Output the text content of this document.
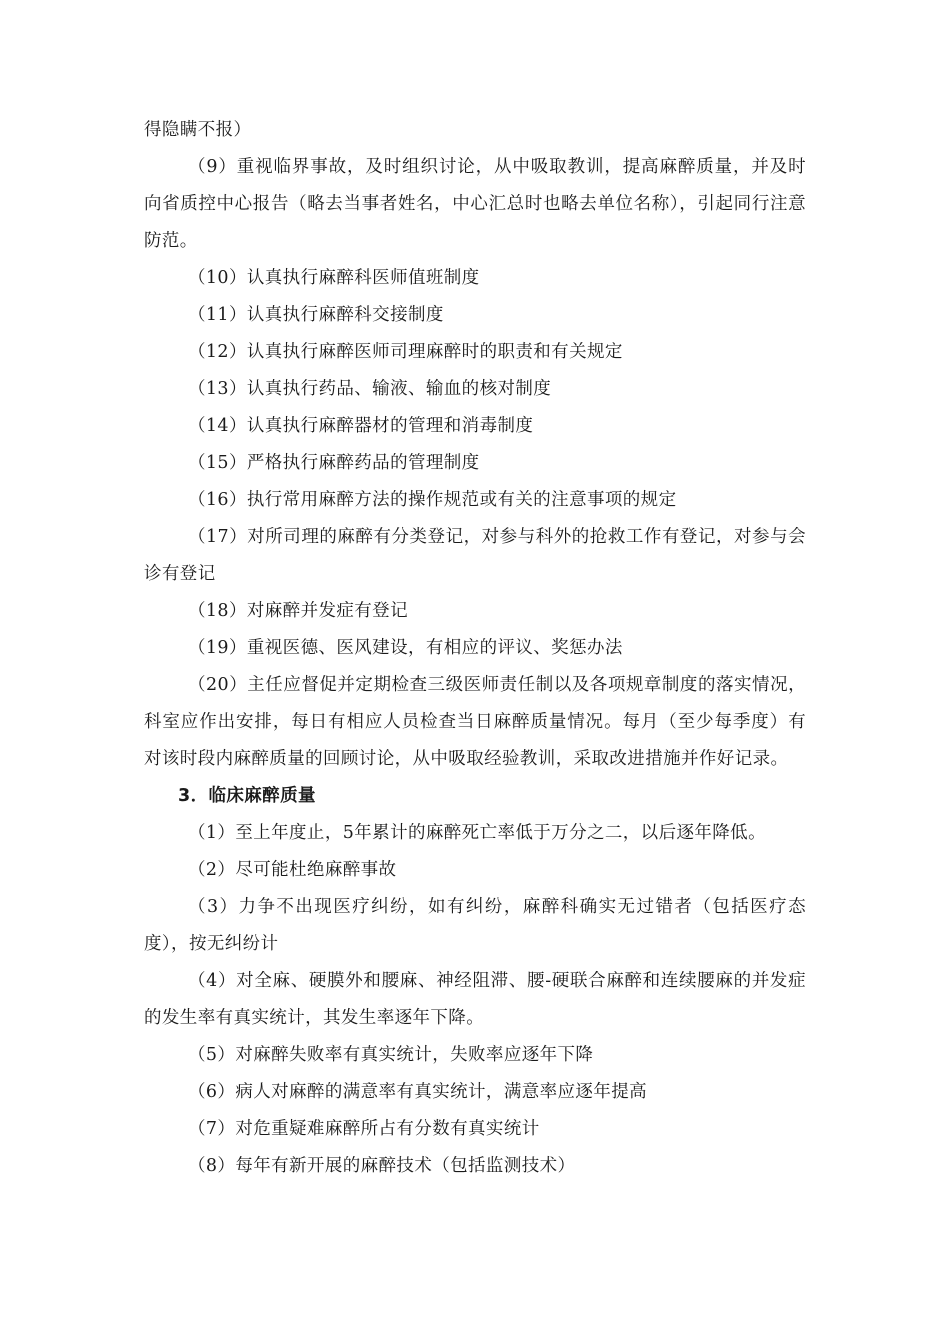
得隐瞒不报）

（9）重视临界事故，及时组织讨论，从中吸取教训，提高麻醉质量，并及时向省质控中心报告（略去当事者姓名，中心汇总时也略去单位名称），引起同行注意防范。

（10）认真执行麻醉科医师值班制度

（11）认真执行麻醉科交接制度

（12）认真执行麻醉医师司理麻醉时的职责和有关规定

（13）认真执行药品、输液、输血的核对制度

（14）认真执行麻醉器材的管理和消毒制度

（15）严格执行麻醉药品的管理制度

（16）执行常用麻醉方法的操作规范或有关的注意事项的规定

（17）对所司理的麻醉有分类登记，对参与科外的抢救工作有登记，对参与会诊有登记

（18）对麻醉并发症有登记

（19）重视医德、医风建设，有相应的评议、奖惩办法

（20）主任应督促并定期检查三级医师责任制以及各项规章制度的落实情况，科室应作出安排，每日有相应人员检查当日麻醉质量情况。每月（至少每季度）有对该时段内麻醉质量的回顾讨论，从中吸取经验教训，采取改进措施并作好记录。

3．临床麻醉质量

（1）至上年度止，5年累计的麻醉死亡率低于万分之二，以后逐年降低。

（2）尽可能杜绝麻醉事故

（3）力争不出现医疗纠纷，如有纠纷，麻醉科确实无过错者（包括医疗态度），按无纠纷计

（4）对全麻、硬膜外和腰麻、神经阻滞、腰-硬联合麻醉和连续腰麻的并发症的发生率有真实统计，其发生率逐年下降。

（5）对麻醉失败率有真实统计，失败率应逐年下降

（6）病人对麻醉的满意率有真实统计，满意率应逐年提高

（7）对危重疑难麻醉所占有分数有真实统计

（8）每年有新开展的麻醉技术（包括监测技术）
